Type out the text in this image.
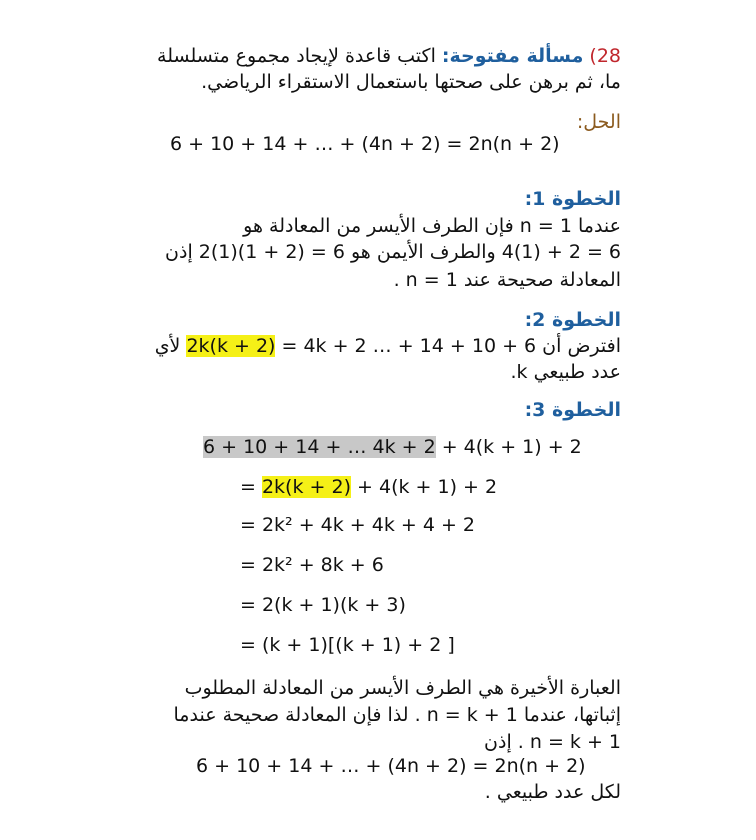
28) مسألة مفتوحة: اكتب قاعدة لإيجاد مجموع متسلسلة
ما، ثم برهن على صحتها باستعمال الاستقراء الرياضي.
الحل:
6 + 10 + 14 + … + (4n + 2) = 2n(n + 2)
الخطوة 1:
عندما n = 1 فإن الطرف الأيسر من المعادلة هو
6 = 2 + (1)4 والطرف الأيمن هو 6 = (2 + 1)(1)2 إذن
المعادلة صحيحة عند n = 1 .
الخطوة 2:
افترض أن 2k(k + 2) = 4k + 2 … + 14 + 10 + 6 لأي
عدد طبيعي k.
الخطوة 3:
6 + 10 + 14 + … 4k + 2 + 4(k + 1) + 2
= 2k(k + 2) + 4(k + 1) + 2
= 2k² + 4k + 4k + 4 + 2
= 2k² + 8k + 6
= 2(k + 1)(k + 3)
= (k + 1)[(k + 1) + 2 ]
العبارة الأخيرة هي الطرف الأيسر من المعادلة المطلوب
إثباتها، عندما n = k + 1 . لذا فإن المعادلة صحيحة عندما
n = k + 1 . إذن
6 + 10 + 14 + … + (4n + 2) = 2n(n + 2)
لكل عدد طبيعي .
